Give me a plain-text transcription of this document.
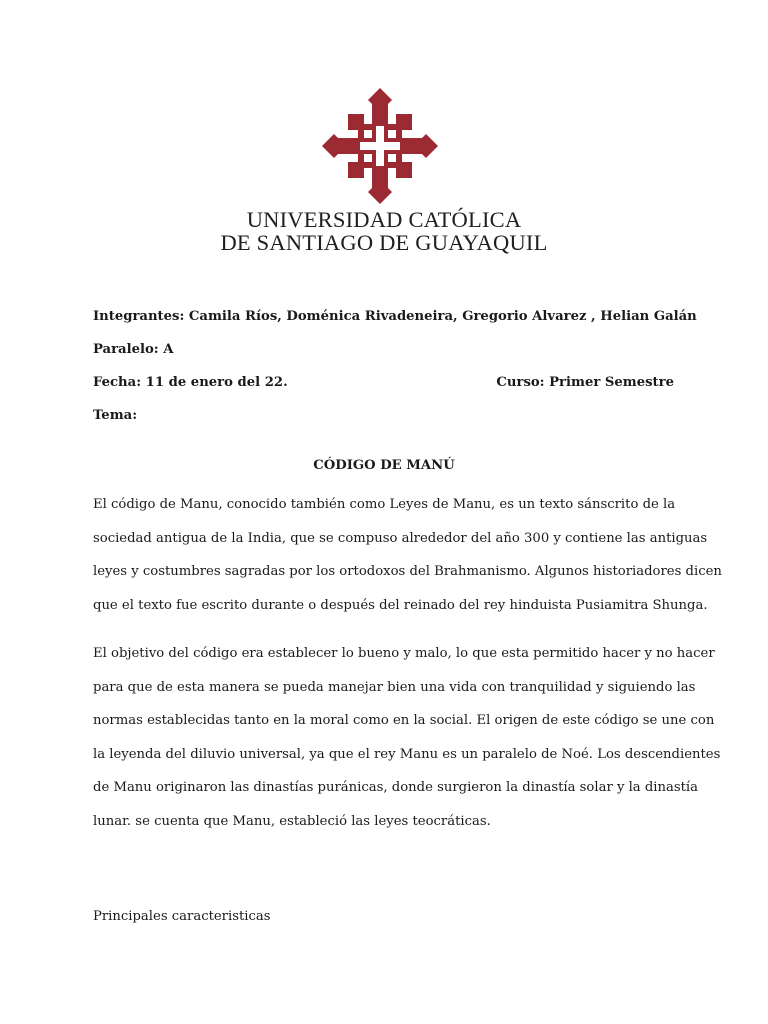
UNIVERSIDAD CATÓLICA
DE SANTIAGO DE GUAYAQUIL
Integrantes: Camila Ríos, Doménica Rivadeneira, Gregorio Alvarez , Helian Galán
Paralelo: A
Fecha: 11 de enero del 22.	Curso: Primer Semestre
Tema:
CÓDIGO DE MANÚ
El código de Manu, conocido también como Leyes de Manu, es un texto sánscrito de la
sociedad antigua de la India, que se compuso alrededor del año 300 y contiene las antiguas
leyes y costumbres sagradas por los ortodoxos del Brahmanismo. Algunos historiadores dicen
que el texto fue escrito durante o después del reinado del rey hinduista Pusiamitra Shunga.
El objetivo del código era establecer lo bueno y malo, lo que esta permitido hacer y no hacer
para que de esta manera se pueda manejar bien una vida con tranquilidad y siguiendo las
normas establecidas tanto en la moral como en la social. El origen de este código se une con
la leyenda del diluvio universal, ya que el rey Manu es un paralelo de Noé. Los descendientes
de Manu originaron las dinastías puránicas, donde surgieron la dinastía solar y la dinastía
lunar. se cuenta que Manu, estableció las leyes teocráticas.
Principales caracteristicas
